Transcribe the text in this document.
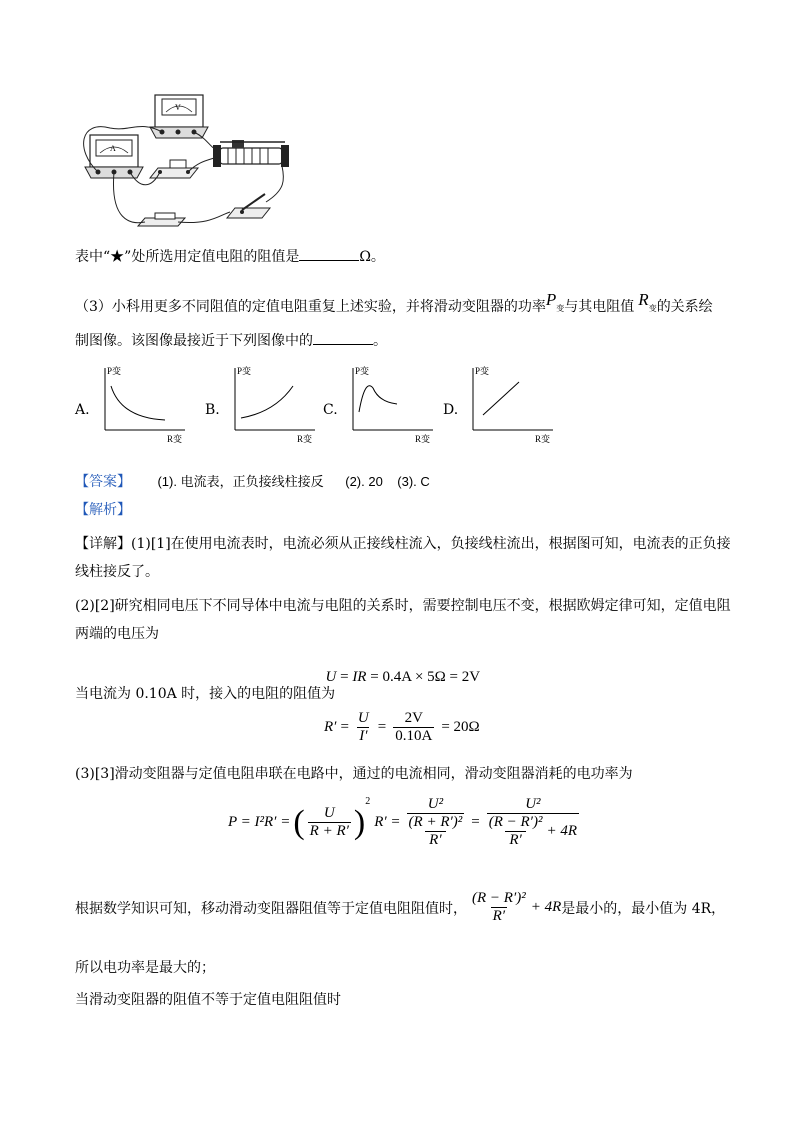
V
A
表中“★”处所选用定值电阻的阻值是	Ω。
（3）小科用更多不同阻值的定值电阻重复上述实验，并将滑动变阻器的功率P变与其电阻值 R变的关系绘
制图像。该图像最接近于下列图像中的	。
A.
P变
R变
B.
P变
R变
C.
P变
R变
D.
P变
R变
【答案】 (1). 电流表，正负接线柱接反      (2). 20    (3). C
【解析】
【详解】(1)[1]在使用电流表时，电流必须从正接线柱流入，负接线柱流出，根据图可知，电流表的正负接
线柱接反了。
(2)[2]研究相同电压下不同导体中电流与电阻的关系时，需要控制电压不变，根据欧姆定律可知，定值电阻
两端的电压为

U = IR = 0.4A × 5Ω = 2V

当电流为 0.10A 时，接入的电阻的阻值为
$R' = \frac{U}{I'} = \frac{2V}{0.10A} = 20\Omega$
(3)[3]滑动变阻器与定值电阻串联在电路中，通过的电流相同，滑动变阻器消耗的电功率为
P = I²R′ = ( $\frac{U}{R + R'}$ )
2
$R' = \frac{\text{U²}}{\frac{\text{(R + R′)²}}{R'}} = \frac{\text{U²}}{\frac{\text{(R − R′)²}}{R'} + 4R}$
根据数学知识可知，移动滑动变阻器阻值等于定值电阻阻值时， $\frac{\text{(R − R′)²}}{R'} + 4R$ 是最小的，最小值为 4R，
所以电功率是最大的；
当滑动变阻器的阻值不等于定值电阻阻值时
